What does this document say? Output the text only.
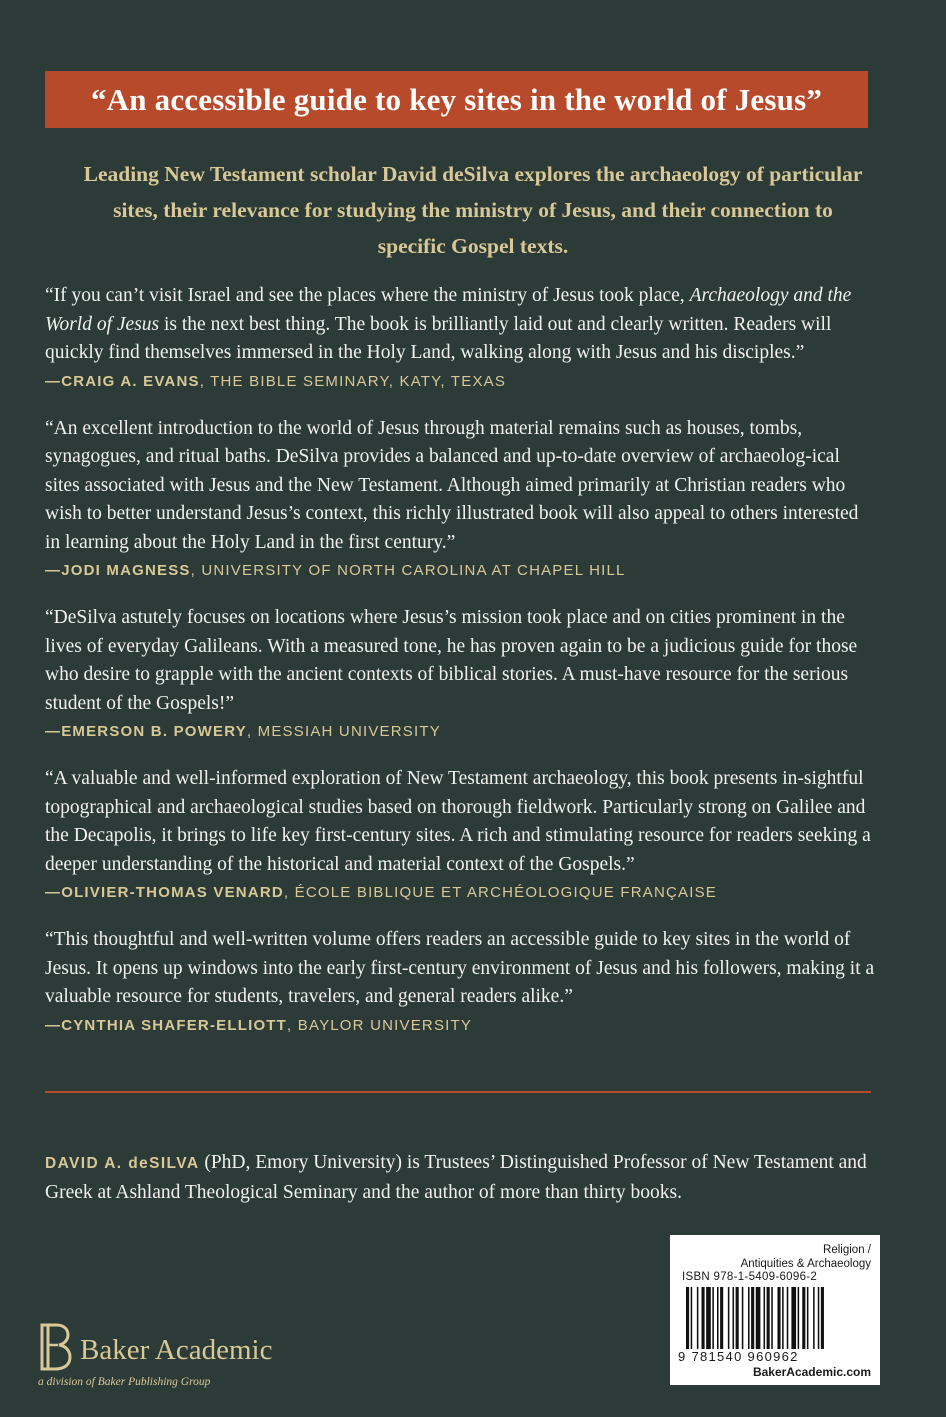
“An accessible guide to key sites in the world of Jesus”
Leading New Testament scholar David deSilva explores the archaeology of particular sites, their relevance for studying the ministry of Jesus, and their connection to specific Gospel texts.

“If you can’t visit Israel and see the places where the ministry of Jesus took place, Archaeology and the World of Jesus is the next best thing. The book is brilliantly laid out and clearly written. Readers will quickly find themselves immersed in the Holy Land, walking along with Jesus and his disciples.”

—CRAIG A. EVANS, THE BIBLE SEMINARY, KATY, TEXAS

“An excellent introduction to the world of Jesus through material remains such as houses, tombs, synagogues, and ritual baths. DeSilva provides a balanced and up-to-date overview of archaeolog-ical sites associated with Jesus and the New Testament. Although aimed primarily at Christian readers who wish to better understand Jesus’s context, this richly illustrated book will also appeal to others interested in learning about the Holy Land in the first century.”

—JODI MAGNESS, UNIVERSITY OF NORTH CAROLINA AT CHAPEL HILL

“DeSilva astutely focuses on locations where Jesus’s mission took place and on cities prominent in the lives of everyday Galileans. With a measured tone, he has proven again to be a judicious guide for those who desire to grapple with the ancient contexts of biblical stories. A must-have resource for the serious student of the Gospels!”

—EMERSON B. POWERY, MESSIAH UNIVERSITY

“A valuable and well-informed exploration of New Testament archaeology, this book presents in-sightful topographical and archaeological studies based on thorough fieldwork. Particularly strong on Galilee and the Decapolis, it brings to life key first-century sites. A rich and stimulating resource for readers seeking a deeper understanding of the historical and material context of the Gospels.”

—OLIVIER-THOMAS VENARD, ÉCOLE BIBLIQUE ET ARCHÉOLOGIQUE FRANÇAISE

“This thoughtful and well-written volume offers readers an accessible guide to key sites in the world of Jesus. It opens up windows into the early first-century environment of Jesus and his followers, making it a valuable resource for students, travelers, and general readers alike.”

—CYNTHIA SHAFER-ELLIOTT, BAYLOR UNIVERSITY
DAVID A. deSILVA (PhD, Emory University) is Trustees’ Distinguished Professor of New Testament and Greek at Ashland Theological Seminary and the author of more than thirty books.
Baker Academic
a division of Baker Publishing Group
Religion /
Antiquities & Archaeology
ISBN 978-1-5409-6096-2
9 781540 960962
BakerAcademic.com
